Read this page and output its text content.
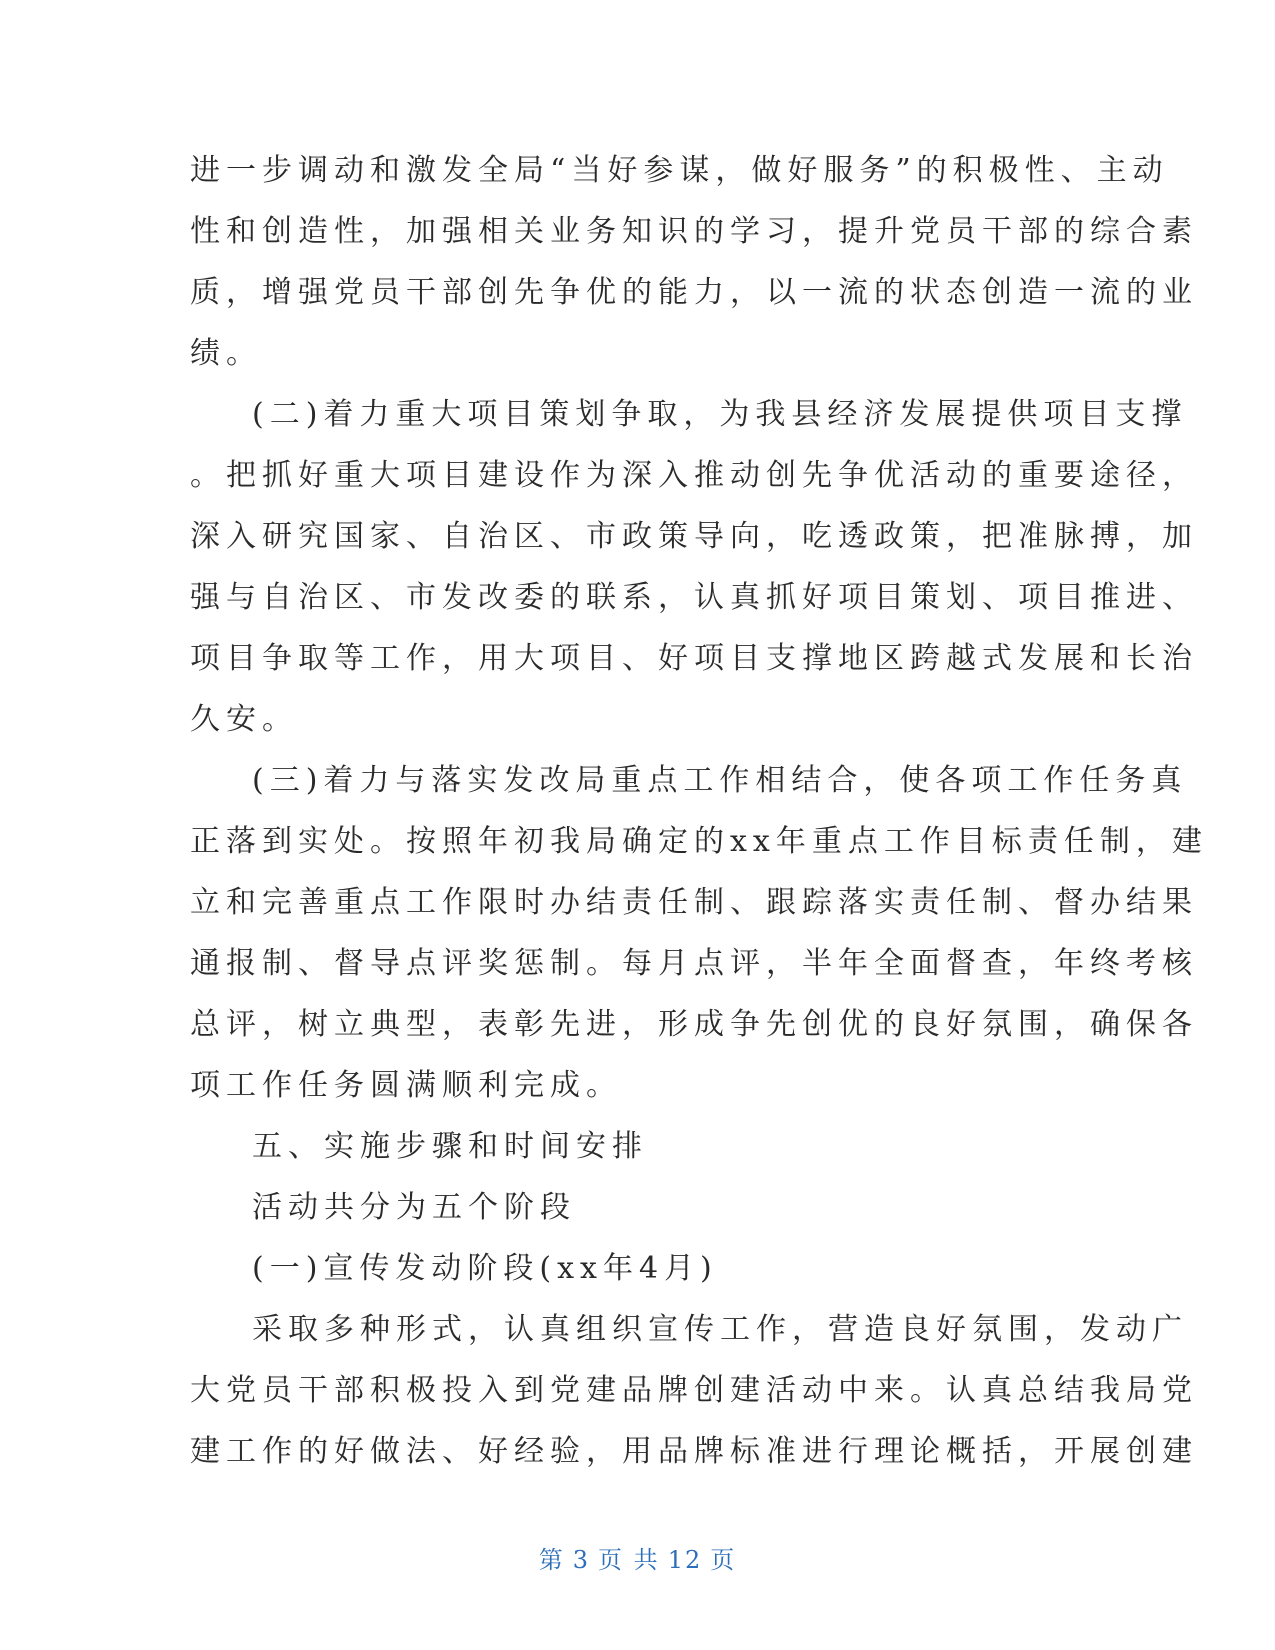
进一步调动和激发全局“当好参谋，做好服务”的积极性、主动
性和创造性，加强相关业务知识的学习，提升党员干部的综合素
质，增强党员干部创先争优的能力，以一流的状态创造一流的业
绩。
(二)着力重大项目策划争取，为我县经济发展提供项目支撑
。把抓好重大项目建设作为深入推动创先争优活动的重要途径，
深入研究国家、自治区、市政策导向，吃透政策，把准脉搏，加
强与自治区、市发改委的联系，认真抓好项目策划、项目推进、
项目争取等工作，用大项目、好项目支撑地区跨越式发展和长治
久安。
(三)着力与落实发改局重点工作相结合，使各项工作任务真
正落到实处。按照年初我局确定的xx年重点工作目标责任制，建
立和完善重点工作限时办结责任制、跟踪落实责任制、督办结果
通报制、督导点评奖惩制。每月点评，半年全面督查，年终考核
总评，树立典型，表彰先进，形成争先创优的良好氛围，确保各
项工作任务圆满顺利完成。
五、实施步骤和时间安排
活动共分为五个阶段
(一)宣传发动阶段(xx年4月)
采取多种形式，认真组织宣传工作，营造良好氛围，发动广
大党员干部积极投入到党建品牌创建活动中来。认真总结我局党
建工作的好做法、好经验，用品牌标准进行理论概括，开展创建
第 3 页 共 12 页
